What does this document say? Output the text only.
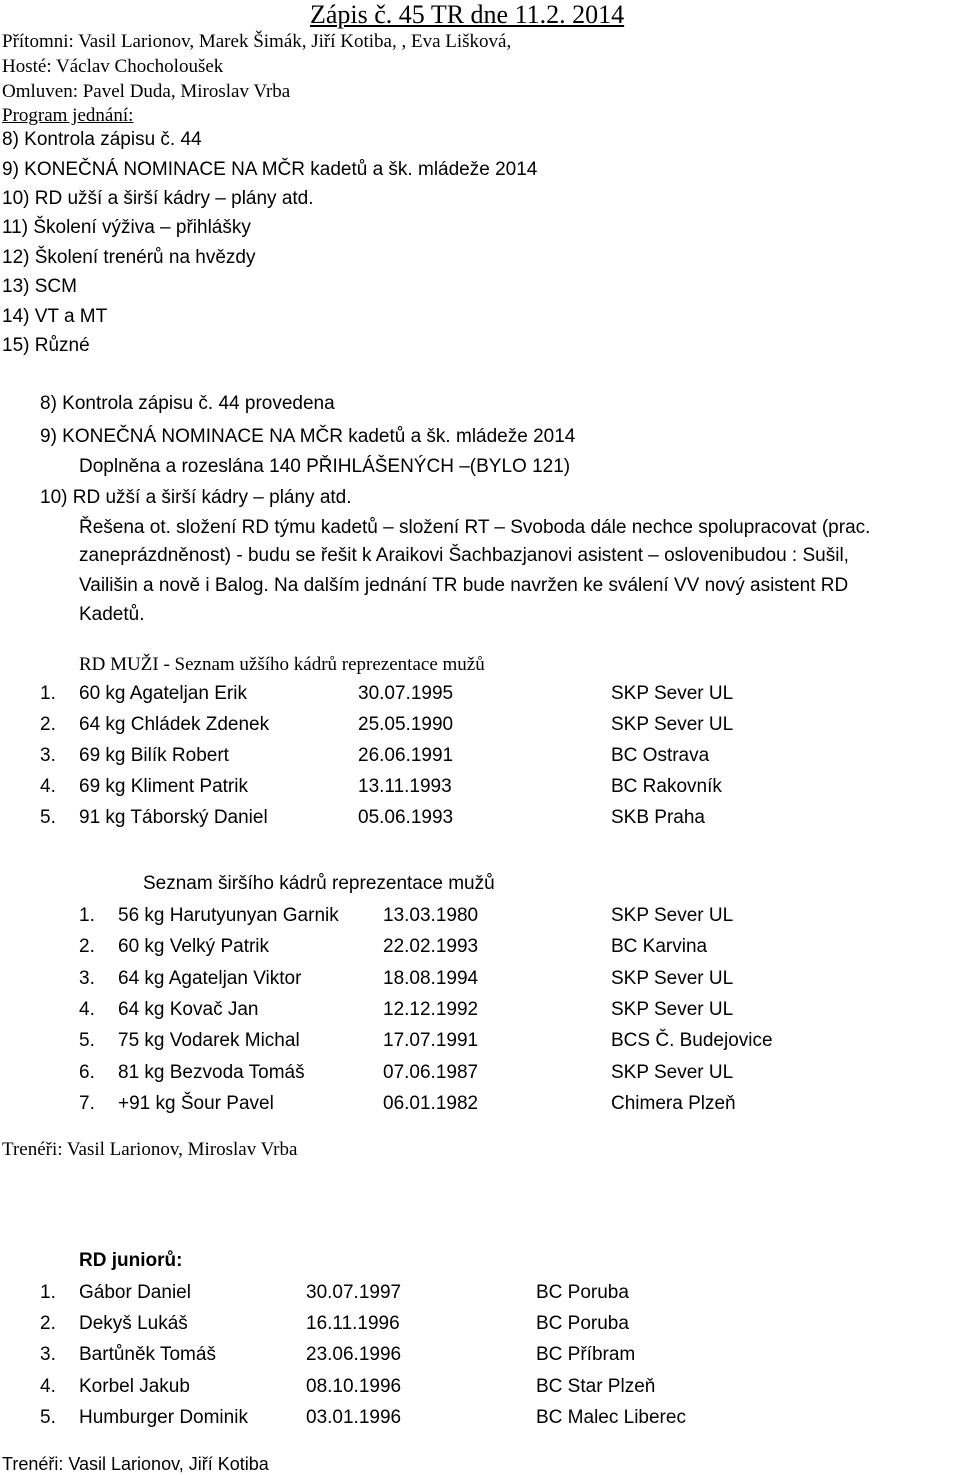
Zápis č. 45 TR dne 11.2. 2014
Přítomni: Vasil Larionov, Marek Šimák, Jiří Kotiba, , Eva Lišková,
Hosté: Václav Chocholoušek
Omluven: Pavel Duda, Miroslav Vrba
Program jednání:
8) Kontrola zápisu č. 44
9) KONEČNÁ NOMINACE NA MČR kadetů a šk. mládeže 2014
10) RD užší a širší kádry – plány atd.
11) Školení výživa – přihlášky
12) Školení trenérů na hvězdy
13) SCM
14) VT a MT
15) Různé
8) Kontrola zápisu č. 44 provedena
9) KONEČNÁ NOMINACE NA MČR kadetů a šk. mládeže 2014
Doplněna a rozeslána 140 PŘIHLÁŠENÝCH –(BYLO 121)
10) RD užší a širší kádry – plány atd.
Řešena ot. složení RD týmu kadetů – složení RT – Svoboda dále nechce spolupracovat (prac.
zaneprázdněnost) - budu se řešit k Araikovi Šachbazjanovi asistent – oslovenibudou : Sušil,
Vailišin a nově i Balog. Na dalším jednání TR bude navržen ke sválení VV nový asistent RD
Kadetů.
RD MUŽI - Seznam užšího kádrů reprezentace mužů
1. 60 kg Agateljan Erik	30.07.1995	SKP Sever UL
2. 64 kg Chládek Zdenek	25.05.1990	SKP Sever UL
3. 69 kg Bilík Robert	26.06.1991	BC Ostrava
4. 69 kg Kliment Patrik	13.11.1993	BC Rakovník
5. 91 kg Táborský Daniel	05.06.1993	SKB Praha
Seznam širšího kádrů reprezentace mužů
1. 56 kg Harutyunyan Garnik 13.03.1980	SKP Sever UL
2. 60 kg Velký Patrik	22.02.1993	BC Karvina
3. 64 kg Agateljan Viktor	18.08.1994	SKP Sever UL
4. 64 kg Kovač Jan	12.12.1992	SKP Sever UL
5. 75 kg Vodarek Michal	17.07.1991	BCS Č. Budejovice
6. 81 kg Bezvoda Tomáš	07.06.1987	SKP Sever UL
7. +91 kg Šour Pavel	06.01.1982	Chimera Plzeň
Trenéři: Vasil Larionov, Miroslav Vrba
RD juniorů:
1. Gábor Daniel	30.07.1997	BC Poruba
2. Dekyš Lukáš	16.11.1996	BC Poruba
3. Bartůněk Tomáš	23.06.1996	BC Příbram
4. Korbel Jakub	08.10.1996	BC Star Plzeň
5. Humburger Dominik	03.01.1996	BC Malec Liberec
Trenéři: Vasil Larionov, Jiří Kotiba
